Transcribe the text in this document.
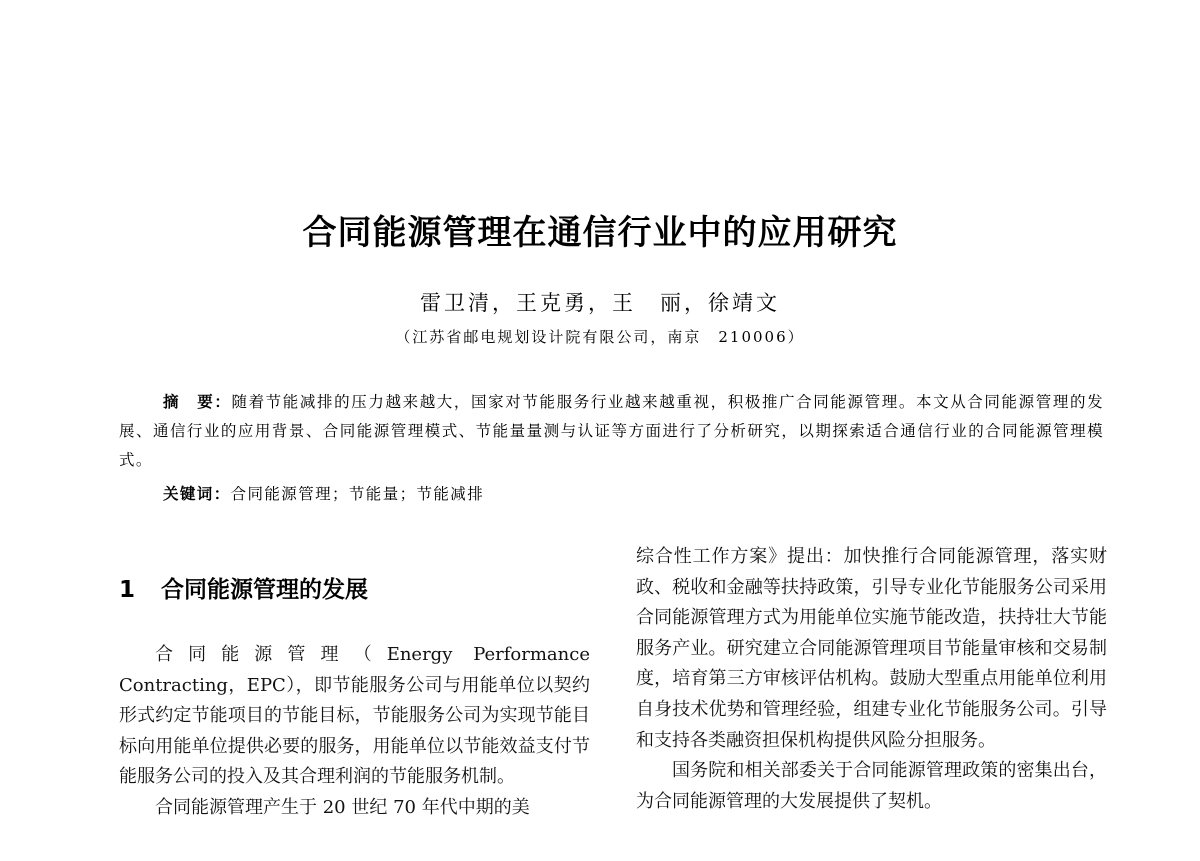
合同能源管理在通信行业中的应用研究
雷卫清，王克勇，王　丽，徐靖文
（江苏省邮电规划设计院有限公司，南京　210006）
摘　要：随着节能减排的压力越来越大，国家对节能服务行业越来越重视，积极推广合同能源管理。本文从合同能源管理的发展、通信行业的应用背景、合同能源管理模式、节能量量测与认证等方面进行了分析研究，以期探索适合通信行业的合同能源管理模式。
关键词：合同能源管理；节能量；节能减排
1 合同能源管理的发展

合同能源管理（Energy Performance Contracting，EPC），即节能服务公司与用能单位以契约形式约定节能项目的节能目标，节能服务公司为实现节能目标向用能单位提供必要的服务，用能单位以节能效益支付节能服务公司的投入及其合理利润的节能服务机制。

合同能源管理产生于 20 世纪 70 年代中期的美

综合性工作方案》提出：加快推行合同能源管理，落实财政、税收和金融等扶持政策，引导专业化节能服务公司采用合同能源管理方式为用能单位实施节能改造，扶持壮大节能服务产业。研究建立合同能源管理项目节能量审核和交易制度，培育第三方审核评估机构。鼓励大型重点用能单位利用自身技术优势和管理经验，组建专业化节能服务公司。引导和支持各类融资担保机构提供风险分担服务。

国务院和相关部委关于合同能源管理政策的密集出台，为合同能源管理的大发展提供了契机。
